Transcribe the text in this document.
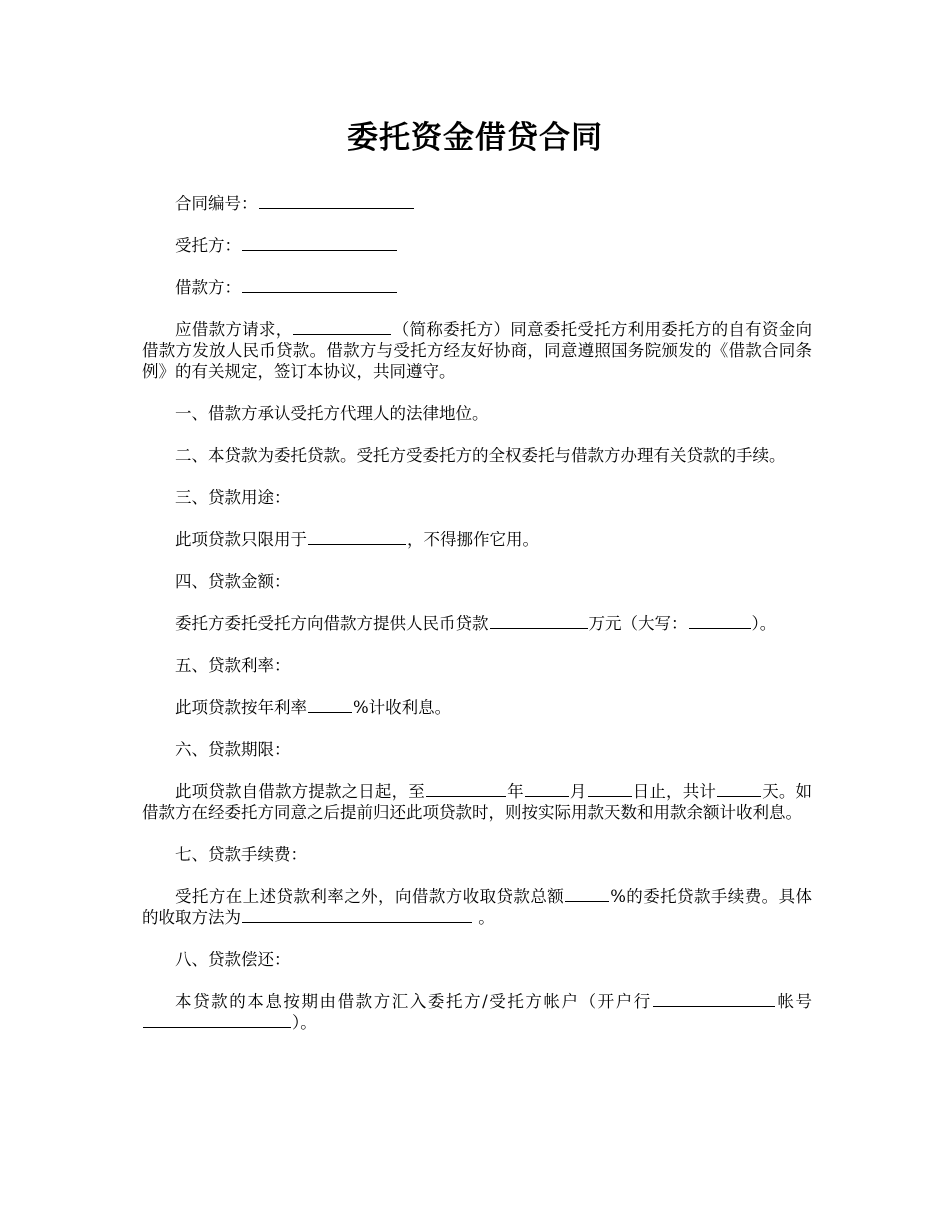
委托资金借贷合同

合同编号：

受托方：

借款方：

应借款方请求，	（简称委托方）同意委托受托方利用委托方的自有资金向借款方发放人民币贷款。借款方与受托方经友好协商，同意遵照国务院颁发的《借款合同条例》的有关规定，签订本协议，共同遵守。

一、借款方承认受托方代理人的法律地位。

二、本贷款为委托贷款。受托方受委托方的全权委托与借款方办理有关贷款的手续。

三、贷款用途：

此项贷款只限用于	，不得挪作它用。

四、贷款金额：

委托方委托受托方向借款方提供人民币贷款	万元（大写：	）。

五、贷款利率：

此项贷款按年利率	%计收利息。

六、贷款期限：

此项贷款自借款方提款之日起，至	年	月	日止，共计	天。如借款方在经委托方同意之后提前归还此项贷款时，则按实际用款天数和用款余额计收利息。

七、贷款手续费：

受托方在上述贷款利率之外，向借款方收取贷款总额	%的委托贷款手续费。具体的收取方法为	。

八、贷款偿还：

本贷款的本息按期由借款方汇入委托方/受托方帐户（开户行	帐号）。
